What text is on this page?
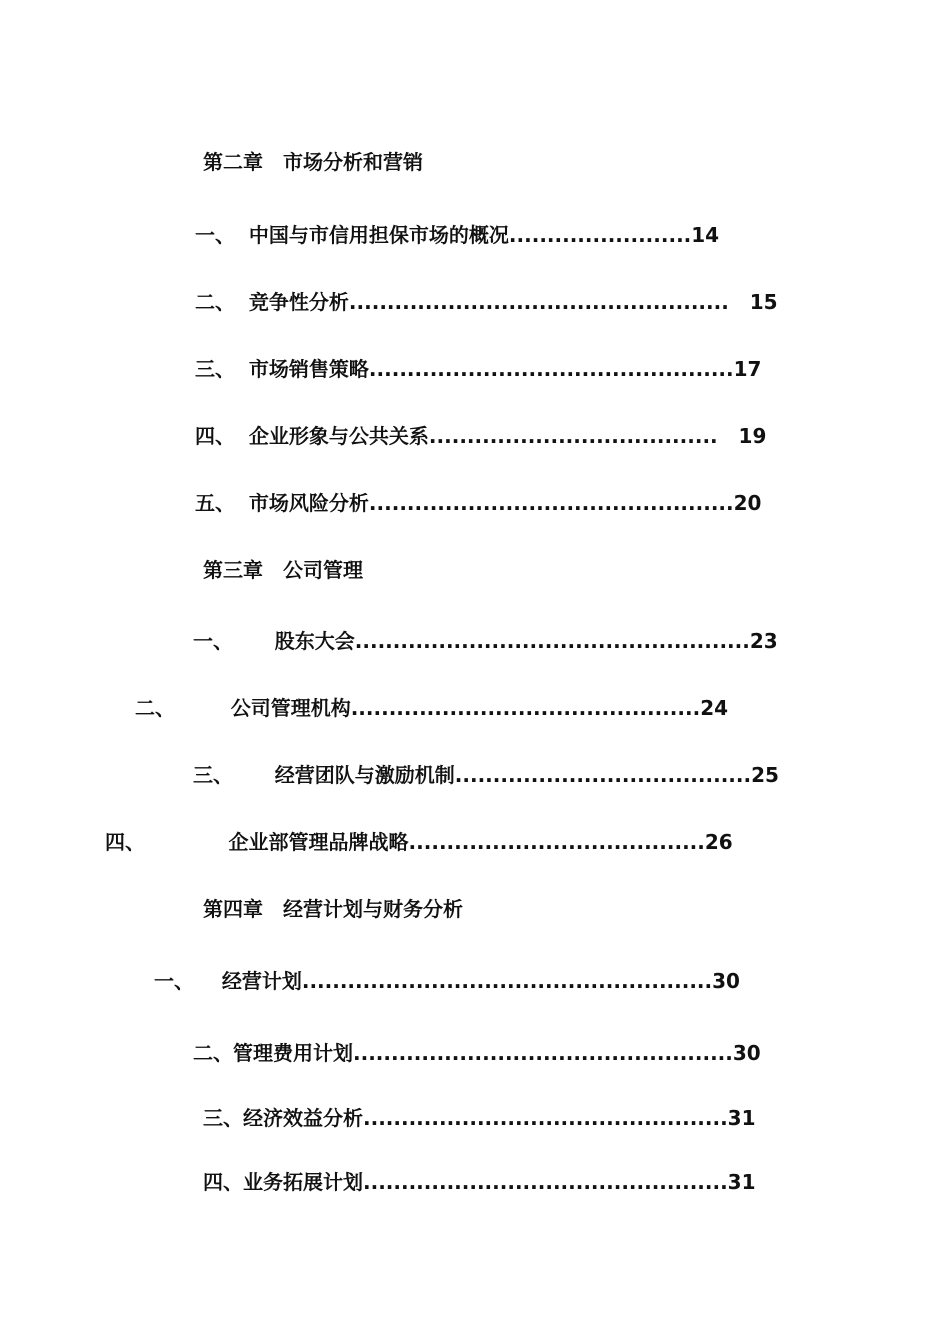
第二章　市场分析和营销
一、  中国与市信用担保市场的概况........................14
二、  竞争性分析..................................................   15
三、  市场销售策略................................................17
四、  企业形象与公共关系......................................   19
五、  市场风险分析................................................20
第三章　公司管理
一、      股东大会....................................................23
二、        公司管理机构..............................................24
三、      经营团队与激励机制.......................................25
四、            企业部管理品牌战略.......................................26
第四章　经营计划与财务分析
一、    经营计划......................................................30
二、管理费用计划..................................................30
三、经济效益分析................................................31
四、业务拓展计划................................................31
